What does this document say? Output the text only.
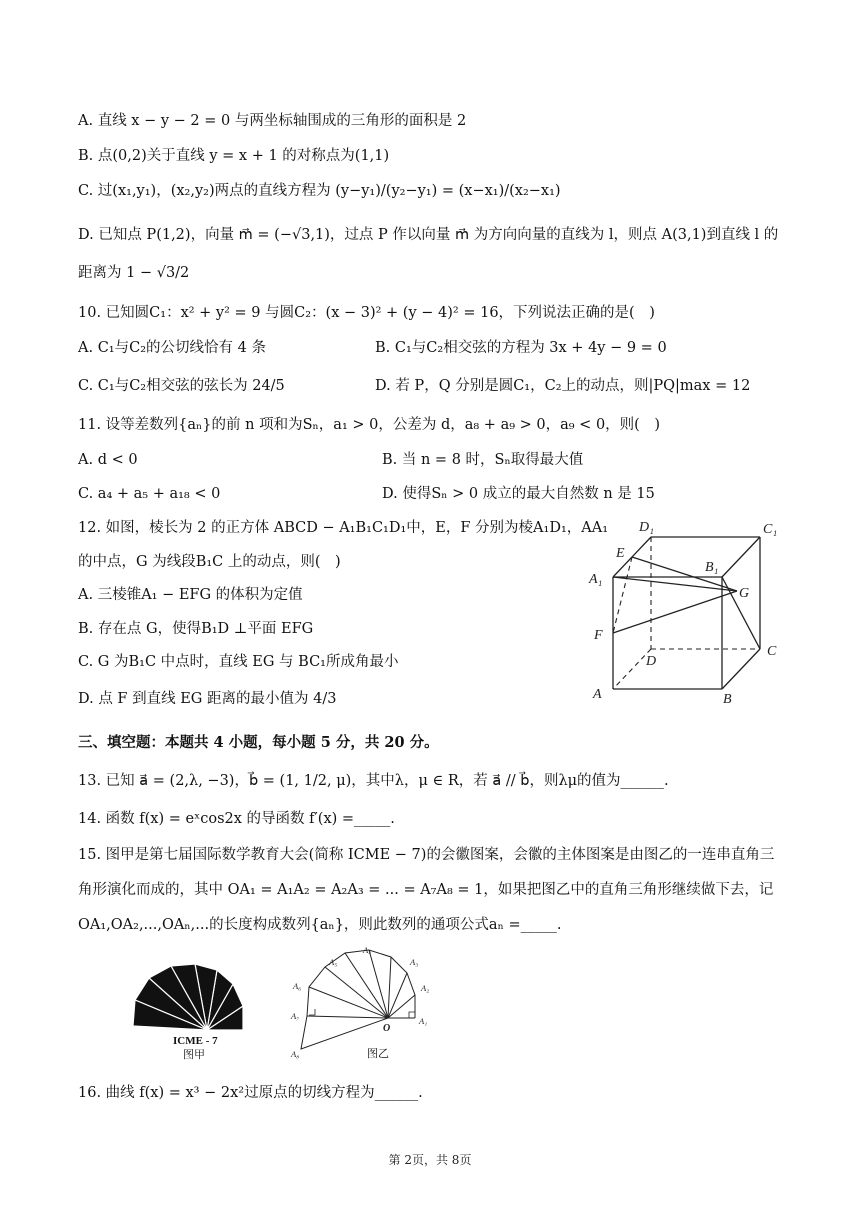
A. 直线 x − y − 2 = 0 与两坐标轴围成的三角形的面积是 2
B. 点(0,2)关于直线 y = x + 1 的对称点为(1,1)
C. 过(x₁,y₁)，(x₂,y₂)两点的直线方程为 (y−y₁)/(y₂−y₁) = (x−x₁)/(x₂−x₁)
D. 已知点 P(1,2)，向量 m⃗ = (−√3,1)，过点 P 作以向量 m⃗ 为方向向量的直线为 l，则点 A(3,1)到直线 l 的
距离为 1 − √3/2
10. 已知圆C₁：x² + y² = 9 与圆C₂：(x − 3)² + (y − 4)² = 16，下列说法正确的是(　)
A. C₁与C₂的公切线恰有 4 条	B. C₁与C₂相交弦的方程为 3x + 4y − 9 = 0
C. C₁与C₂相交弦的弦长为 24/5	D. 若 P，Q 分别是圆C₁，C₂上的动点，则|PQ|max = 12
11. 设等差数列{aₙ}的前 n 项和为Sₙ，a₁ > 0，公差为 d，a₈ + a₉ > 0，a₉ < 0，则(　)
A. d < 0	B. 当 n = 8 时，Sₙ取得最大值
C. a₄ + a₅ + a₁₈ < 0	D. 使得Sₙ > 0 成立的最大自然数 n 是 15
12. 如图，棱长为 2 的正方体 ABCD − A₁B₁C₁D₁中，E，F 分别为棱A₁D₁，AA₁
的中点，G 为线段B₁C 上的动点，则(　)
A. 三棱锥A₁ − EFG 的体积为定值
B. 存在点 G，使得B₁D ⊥平面 EFG
C. G 为B₁C 中点时，直线 EG 与 BC₁所成角最小
D. 点 F 到直线 EG 距离的最小值为 4/3
D₁	C₁
E
B₁
A₁
G
F
D
C
A	B
三、填空题：本题共 4 小题，每小题 5 分，共 20 分。
13. 已知 a⃗ = (2,λ, −3)，b⃗ = (1, 1/2, μ)，其中λ，μ ∈ R，若 a⃗ // b⃗，则λμ的值为______.
14. 函数 f(x) = eˣcos2x 的导函数 f′(x) =_____.
15. 图甲是第七届国际数学教育大会(简称 ICME − 7)的会徽图案，会徽的主体图案是由图乙的一连串直角三
角形演化而成的，其中 OA₁ = A₁A₂ = A₂A₃ = ... = A₇A₈ = 1，如果把图乙中的直角三角形继续做下去，记
OA₁,OA₂,...,OAₙ,...的长度构成数列{aₙ}，则此数列的通项公式aₙ =_____.
ICME - 7
图甲
O
A₁
A₂
A₃
A₄
A₅
A₆
A₇
A₈	图乙
16. 曲线 f(x) = x³ − 2x²过原点的切线方程为______.
第 2页，共 8页
